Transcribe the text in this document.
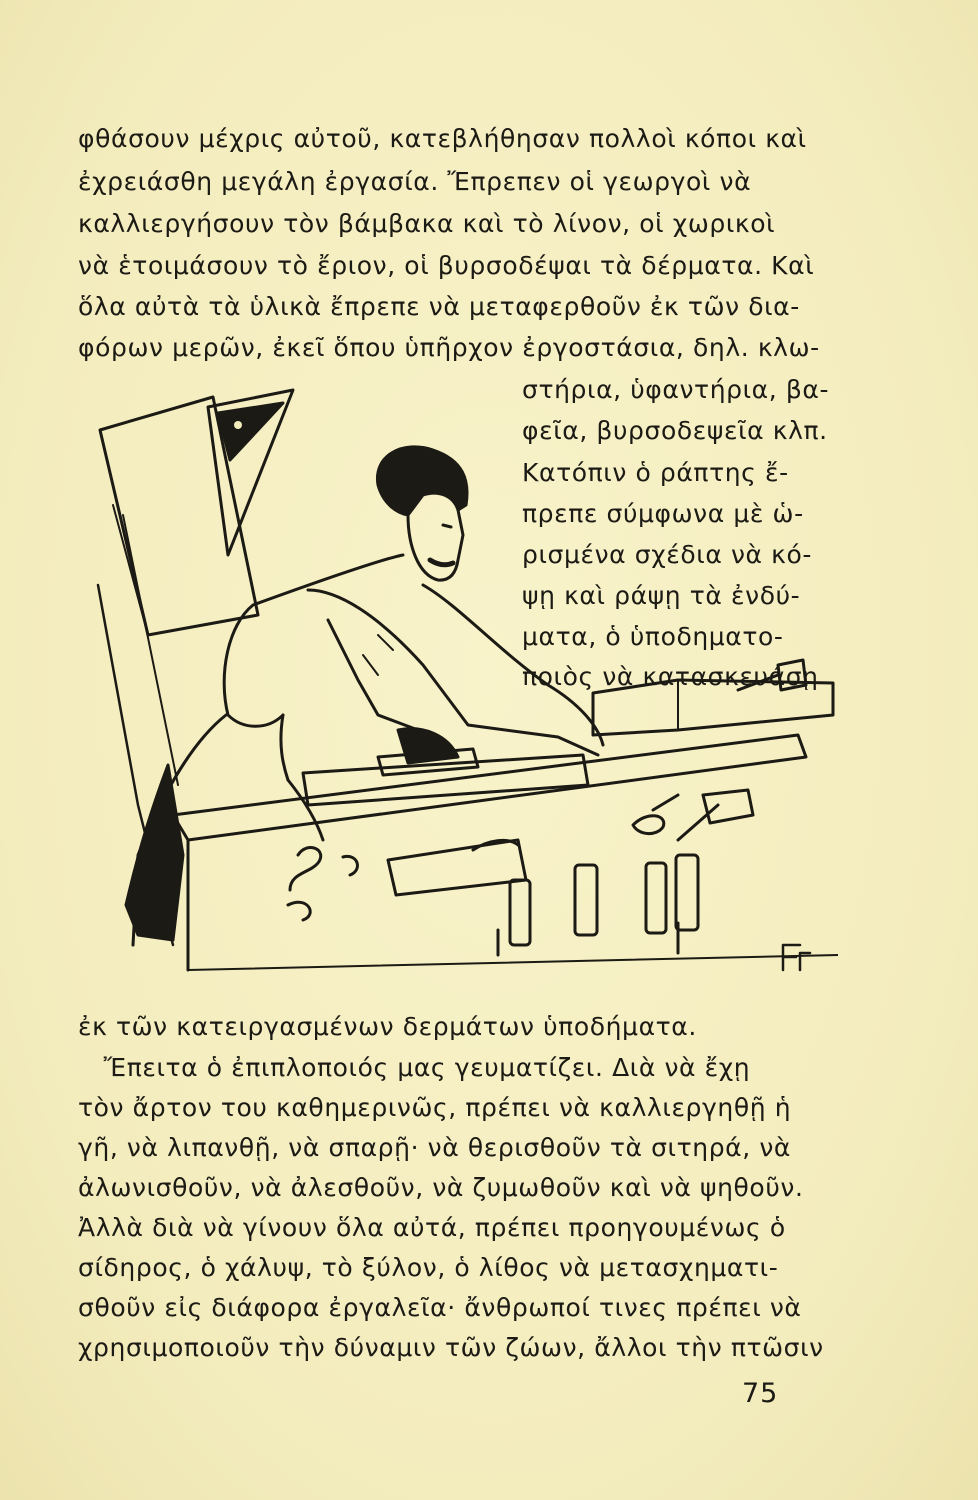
φθάσουν μέχρις αὐτοῦ, κατεβλήθησαν πολλοὶ κόποι καὶ
ἐχρειάσθη μεγάλη ἐργασία. Ἔπρεπεν οἱ γεωργοὶ νὰ
καλλιεργήσουν τὸν βάμβακα καὶ τὸ λίνον, οἱ χωρικοὶ
νὰ ἑτοιμάσουν τὸ ἔριον, οἱ βυρσοδέψαι τὰ δέρματα. Καὶ
ὅλα αὐτὰ τὰ ὑλικὰ ἔπρεπε νὰ μεταφερθοῦν ἐκ τῶν δια-
φόρων μερῶν, ἐκεῖ ὅπου ὑπῆρχον ἐργοστάσια, δηλ. κλω-
στήρια, ὑφαντήρια, βα-
φεῖα, βυρσοδεψεῖα κλπ.
Κατόπιν ὁ ράπτης ἔ-
πρεπε σύμφωνα μὲ ὡ-
ρισμένα σχέδια νὰ κό-
ψῃ καὶ ράψῃ τὰ ἐνδύ-
ματα, ὁ ὑποδηματο-
ποιὸς νὰ κατασκευάσῃ
ἐκ τῶν κατειργασμένων δερμάτων ὑποδήματα.
Ἔπειτα ὁ ἐπιπλοποιός μας γευματίζει. Διὰ νὰ ἔχῃ
τὸν ἄρτον του καθημερινῶς, πρέπει νὰ καλλιεργηθῇ ἡ
γῆ, νὰ λιπανθῇ, νὰ σπαρῇ· νὰ θερισθοῦν τὰ σιτηρά, νὰ
ἀλωνισθοῦν, νὰ ἀλεσθοῦν, νὰ ζυμωθοῦν καὶ νὰ ψηθοῦν.
Ἀλλὰ διὰ νὰ γίνουν ὅλα αὐτά, πρέπει προηγουμένως ὁ
σίδηρος, ὁ χάλυψ, τὸ ξύλον, ὁ λίθος νὰ μετασχηματι-
σθοῦν εἰς διάφορα ἐργαλεῖα· ἄνθρωποί τινες πρέπει νὰ
χρησιμοποιοῦν τὴν δύναμιν τῶν ζώων, ἄλλοι τὴν πτῶσιν
75
